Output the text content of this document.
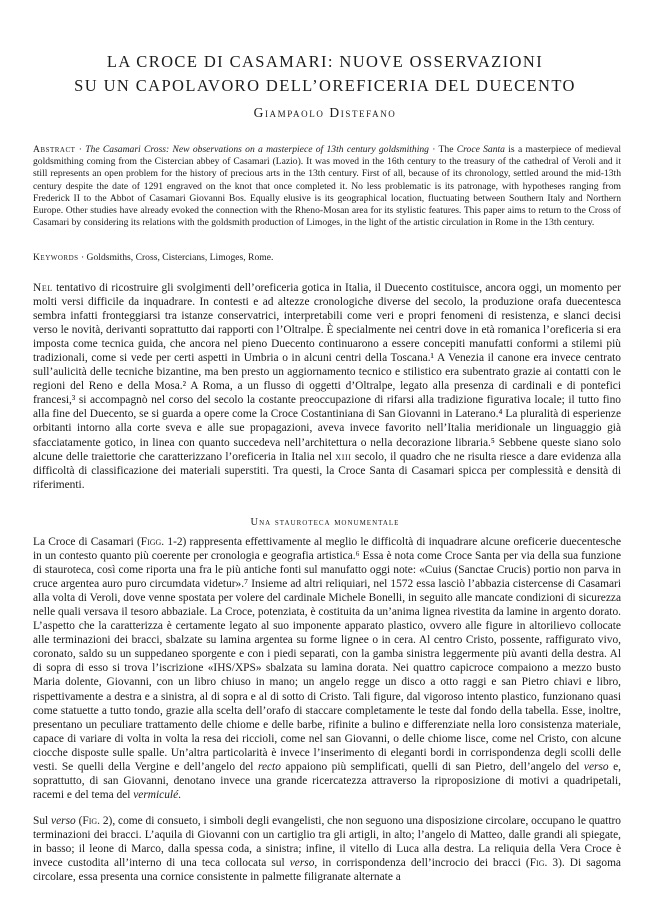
LA CROCE DI CASAMARI: NUOVE OSSERVAZIONI
SU UN CAPOLAVORO DELL’OREFICERIA DEL DUECENTO
Giampaolo Distefano
Abstract · The Casamari Cross: New observations on a masterpiece of 13th century goldsmithing · The Croce Santa is a masterpiece of medieval goldsmithing coming from the Cistercian abbey of Casamari (Lazio). It was moved in the 16th century to the treasury of the cathedral of Veroli and it still represents an open problem for the history of precious arts in the 13th century. First of all, because of its chronology, settled around the mid-13th century despite the date of 1291 engraved on the knot that once completed it. No less problematic is its patronage, with hypotheses ranging from Frederick II to the Abbot of Casamari Giovanni Bos. Equally elusive is its geographical location, fluctuating between Southern Italy and Northern Europe. Other studies have already evoked the connection with the Rheno-Mosan area for its stylistic features. This paper aims to return to the Cross of Casamari by considering its relations with the goldsmith production of Limoges, in the light of the artistic circulation in Rome in the 13th century.
Keywords · Goldsmiths, Cross, Cistercians, Limoges, Rome.
Nel tentativo di ricostruire gli svolgimenti dell’oreficeria gotica in Italia, il Duecento costituisce, ancora oggi, un momento per molti versi difficile da inquadrare. In contesti e ad altezze cronologiche diverse del secolo, la produzione orafa duecentesca sembra infatti fronteggiarsi tra istanze conservatrici, interpretabili come veri e propri fenomeni di resistenza, e slanci decisi verso le novità, derivanti soprattutto dai rapporti con l’Oltralpe. È specialmente nei centri dove in età romanica l’oreficeria si era imposta come tecnica guida, che ancora nel pieno Duecento continuarono a essere concepiti manufatti conformi a stilemi più tradizionali, come si vede per certi aspetti in Umbria o in alcuni centri della Toscana.¹ A Venezia il canone era invece centrato sull’aulicità delle tecniche bizantine, ma ben presto un aggiornamento tecnico e stilistico era subentrato grazie ai contatti con le regioni del Reno e della Mosa.² A Roma, a un flusso di oggetti d’Oltralpe, legato alla presenza di cardinali e di pontefici francesi,³ si accompagnò nel corso del secolo la costante preoccupazione di rifarsi alla tradizione figurativa locale; il tutto fino alla fine del Duecento, se si guarda a opere come la Croce Costantiniana di San Giovanni in Laterano.⁴ La pluralità di esperienze orbitanti intorno alla corte sveva e alle sue propagazioni, aveva invece favorito nell’Italia meridionale un linguaggio già sfacciatamente gotico, in linea con quanto succedeva nell’architettura o nella decorazione libraria.⁵ Sebbene queste siano solo alcune delle traiettorie che caratterizzano l’oreficeria in Italia nel xiii secolo, il quadro che ne risulta riesce a dare evidenza alla difficoltà di classificazione dei materiali superstiti. Tra questi, la Croce Santa di Casamari spicca per complessità e densità di riferimenti.
Una stauroteca monumentale
La Croce di Casamari (Figg. 1-2) rappresenta effettivamente al meglio le difficoltà di inquadrare alcune oreficerie duecentesche in un contesto quanto più coerente per cronologia e geografia artistica.⁶ Essa è nota come Croce Santa per via della sua funzione di stauroteca, così come riporta una fra le più antiche fonti sul manufatto oggi note: «Cuius (Sanctae Crucis) portio non parva in cruce argentea auro puro circumdata videtur».⁷ Insieme ad altri reliquiari, nel 1572 essa lasciò l’abbazia cistercense di Casamari alla volta di Veroli, dove venne spostata per volere del cardinale Michele Bonelli, in seguito alle mancate condizioni di sicurezza nelle quali versava il tesoro abbaziale. La Croce, potenziata, è costituita da un’anima lignea rivestita da lamine in argento dorato. L’aspetto che la caratterizza è certamente legato al suo imponente apparato plastico, ovvero alle figure in altorilievo collocate alle terminazioni dei bracci, sbalzate su lamina argentea su forme lignee o in cera. Al centro Cristo, possente, raffigurato vivo, coronato, saldo su un suppedaneo sporgente e con i piedi separati, con la gamba sinistra leggermente più avanti della destra. Al di sopra di esso si trova l’iscrizione «IHS/XPS» sbalzata su lamina dorata. Nei quattro capicroce compaiono a mezzo busto Maria dolente, Giovanni, con un libro chiuso in mano; un angelo regge un disco a otto raggi e san Pietro chiavi e libro, rispettivamente a destra e a sinistra, al di sopra e al di sotto di Cristo. Tali figure, dal vigoroso intento plastico, funzionano quasi come statuette a tutto tondo, grazie alla scelta dell’orafo di staccare completamente le teste dal fondo della tabella. Esse, inoltre, presentano un peculiare trattamento delle chiome e delle barbe, rifinite a bulino e differenziate nella loro consistenza materiale, capace di variare di volta in volta la resa dei riccioli, come nel san Giovanni, o delle chiome lisce, come nel Cristo, con alcune ciocche disposte sulle spalle. Un’altra particolarità è invece l’inserimento di eleganti bordi in corrispondenza degli scolli delle vesti. Se quelli della Vergine e dell’angelo del recto appaiono più semplificati, quelli di san Pietro, dell’angelo del verso e, soprattutto, di san Giovanni, denotano invece una grande ricercatezza attraverso la riproposizione di motivi a quadripetali, racemi e del tema del vermiculé.
Sul verso (Fig. 2), come di consueto, i simboli degli evangelisti, che non seguono una disposizione circolare, occupano le quattro terminazioni dei bracci. L’aquila di Giovanni con un cartiglio tra gli artigli, in alto; l’angelo di Matteo, dalle grandi ali spiegate, in basso; il leone di Marco, dalla spessa coda, a sinistra; infine, il vitello di Luca alla destra. La reliquia della Vera Croce è invece custodita all’interno di una teca collocata sul verso, in corrispondenza dell’incrocio dei bracci (Fig. 3). Di sagoma circolare, essa presenta una cornice consistente in palmette filigranate alternate a
